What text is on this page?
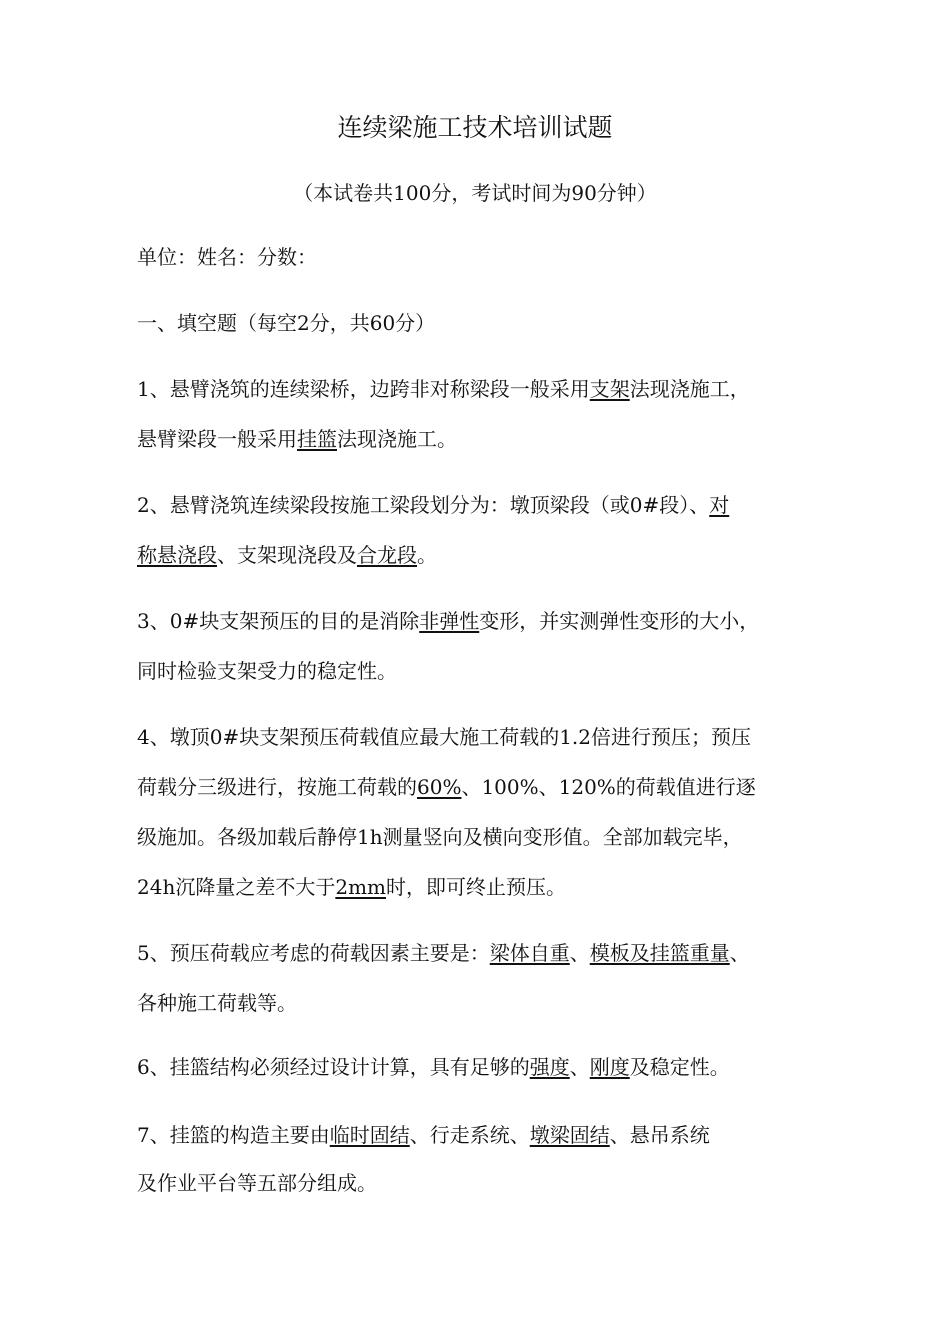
连续梁施工技术培训试题
（本试卷共100分，考试时间为90分钟）
单位：姓名：分数：
一、填空题（每空2分，共60分）
1、悬臂浇筑的连续梁桥，边跨非对称梁段一般采用支架法现浇施工，
悬臂梁段一般采用挂篮法现浇施工。
2、悬臂浇筑连续梁段按施工梁段划分为：墩顶梁段（或0#段）、对
称悬浇段、支架现浇段及合龙段。
3、0#块支架预压的目的是消除非弹性变形，并实测弹性变形的大小，
同时检验支架受力的稳定性。
4、墩顶0#块支架预压荷载值应最大施工荷载的1.2倍进行预压；预压
荷载分三级进行，按施工荷载的60%、100%、120%的荷载值进行逐
级施加。各级加载后静停1h测量竖向及横向变形值。全部加载完毕，
24h沉降量之差不大于2mm时，即可终止预压。
5、预压荷载应考虑的荷载因素主要是：梁体自重、模板及挂篮重量、
各种施工荷载等。
6、挂篮结构必须经过设计计算，具有足够的强度、刚度及稳定性。
7、挂篮的构造主要由临时固结、行走系统、墩梁固结、悬吊系统
及作业平台等五部分组成。
